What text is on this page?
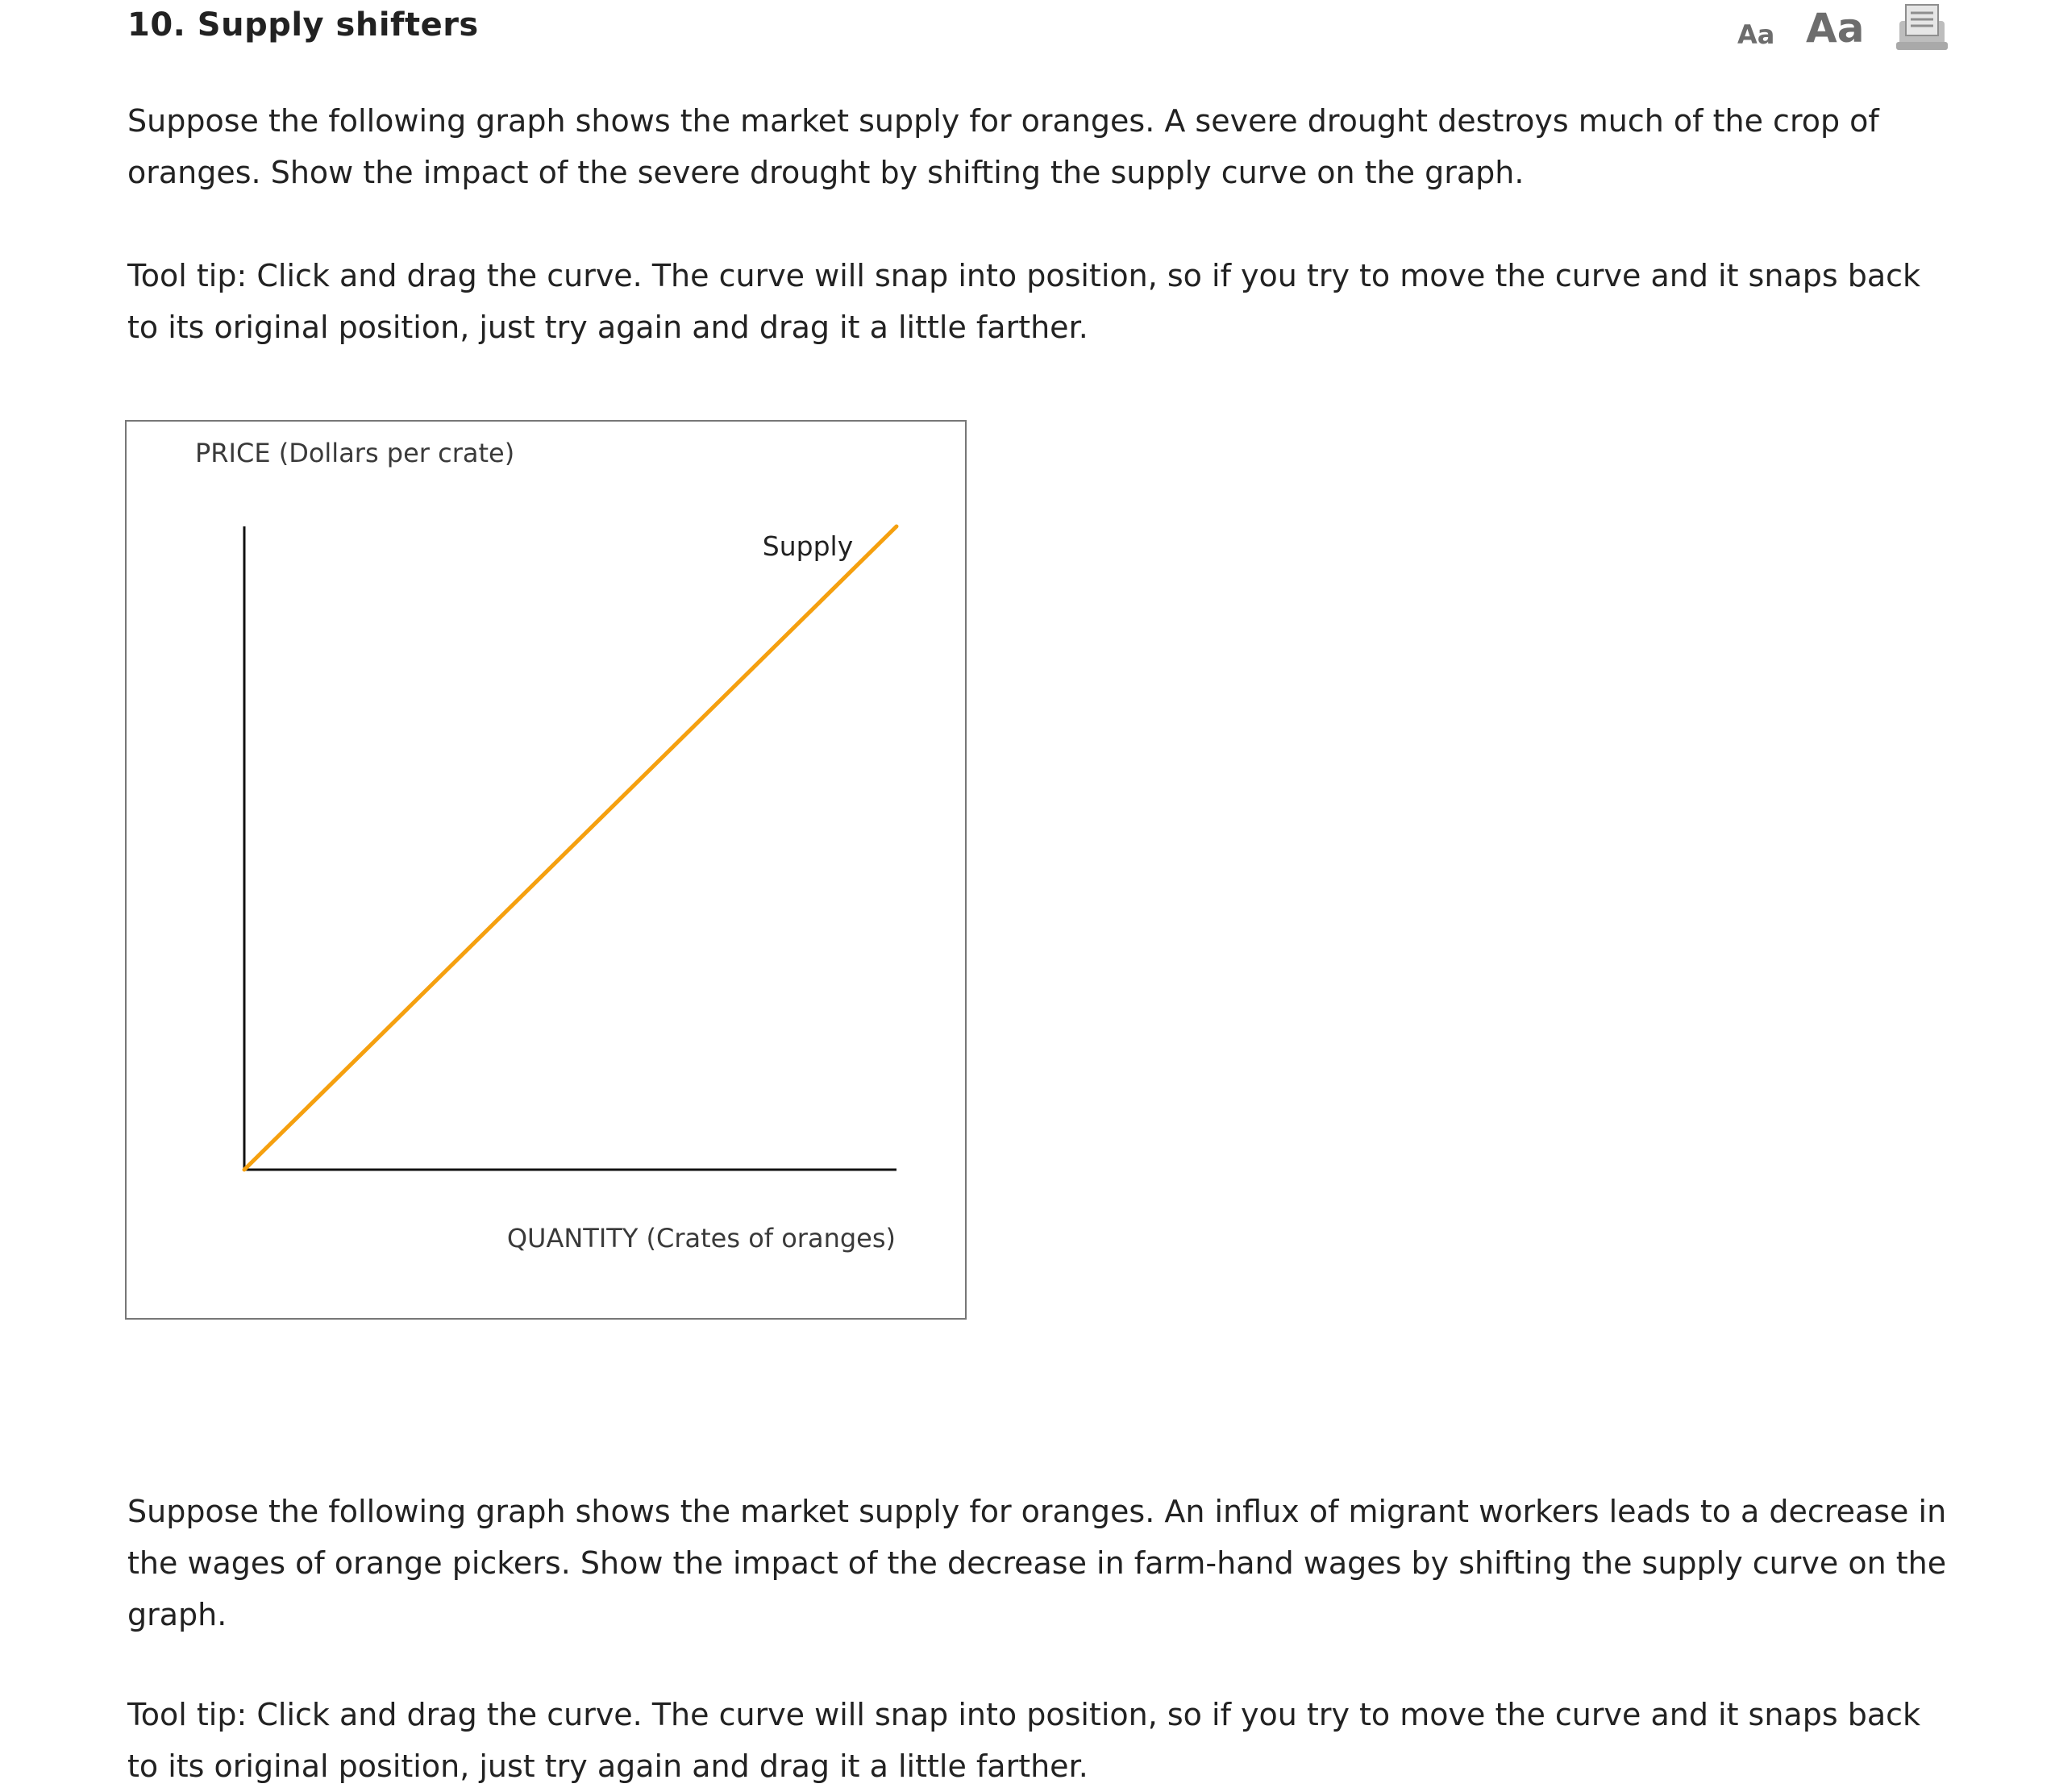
10. Supply shifters	Aa Aa
Suppose the following graph shows the market supply for oranges. A severe drought destroys much of the crop of oranges. Show the impact of the severe drought by shifting the supply curve on the graph.
Tool tip: Click and drag the curve. The curve will snap into position, so if you try to move the curve and it snaps back to its original position, just try again and drag it a little farther.
PRICE (Dollars per crate)
QUANTITY (Crates of oranges)
Supply
Suppose the following graph shows the market supply for oranges. An influx of migrant workers leads to a decrease in the wages of orange pickers. Show the impact of the decrease in farm-hand wages by shifting the supply curve on the graph.
Tool tip: Click and drag the curve. The curve will snap into position, so if you try to move the curve and it snaps back to its original position, just try again and drag it a little farther.
